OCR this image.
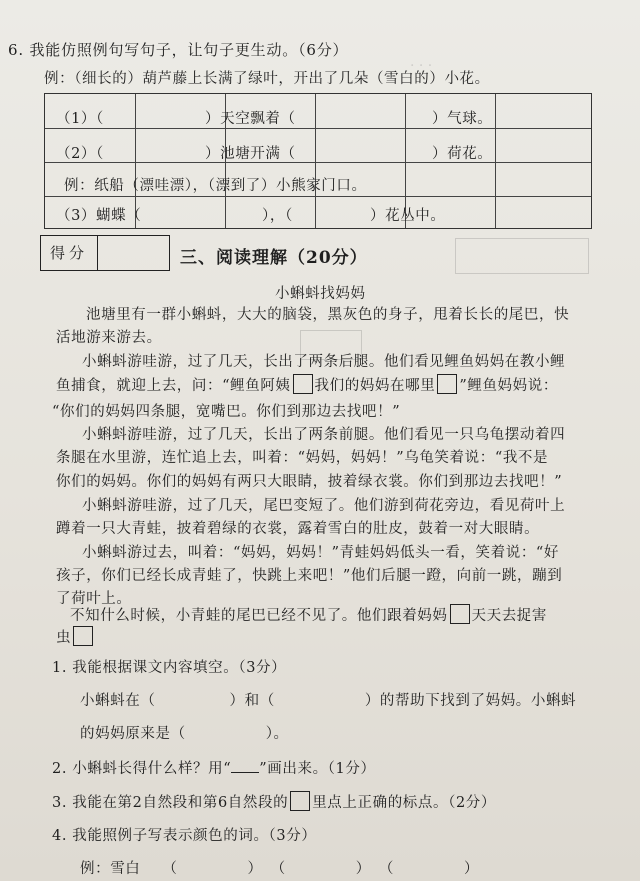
· · ·
6. 我能仿照例句写句子，让句子更生动。（6分）
例：（细长的）葫芦藤上长满了绿叶，开出了几朵（雪白的）小花。
（1）（	）天空飘着（	）气球。
（2）（	）池塘开满（	）荷花。
例：纸船（漂哇漂），（漂到了）小熊家门口。
（3）蝴蝶（	），（	）花丛中。
得分	三、阅读理解（20分）
小蝌蚪找妈妈
池塘里有一群小蝌蚪，大大的脑袋，黑灰色的身子，甩着长长的尾巴，快
活地游来游去。
小蝌蚪游哇游，过了几天，长出了两条后腿。他们看见鲤鱼妈妈在教小鲤
鱼捕食，就迎上去，问：“鲤鱼阿姨 我们的妈妈在哪里 ”鲤鱼妈妈说：
“你们的妈妈四条腿，宽嘴巴。你们到那边去找吧！”
小蝌蚪游哇游，过了几天，长出了两条前腿。他们看见一只乌龟摆动着四
条腿在水里游，连忙追上去，叫着：“妈妈，妈妈！”乌龟笑着说：“我不是
你们的妈妈。你们的妈妈有两只大眼睛，披着绿衣裳。你们到那边去找吧！”
小蝌蚪游哇游，过了几天，尾巴变短了。他们游到荷花旁边，看见荷叶上
蹲着一只大青蛙，披着碧绿的衣裳，露着雪白的肚皮，鼓着一对大眼睛。
小蝌蚪游过去，叫着：“妈妈，妈妈！”青蛙妈妈低头一看，笑着说：“好
孩子，你们已经长成青蛙了，快跳上来吧！”他们后腿一蹬，向前一跳，蹦到
了荷叶上。
不知什么时候，小青蛙的尾巴已经不见了。他们跟着妈妈 天天去捉害
虫
1. 我能根据课文内容填空。（3分）
小蝌蚪在（	）和（	）的帮助下找到了妈妈。小蝌蚪
的妈妈原来是（	）。
2. 小蝌蚪长得什么样？用“ ”画出来。（1分）
3. 我能在第2自然段和第6自然段的 里点上正确的标点。（2分）
4. 我能照例子写表示颜色的词。（3分）
例：雪白 （	） （	） （	）
